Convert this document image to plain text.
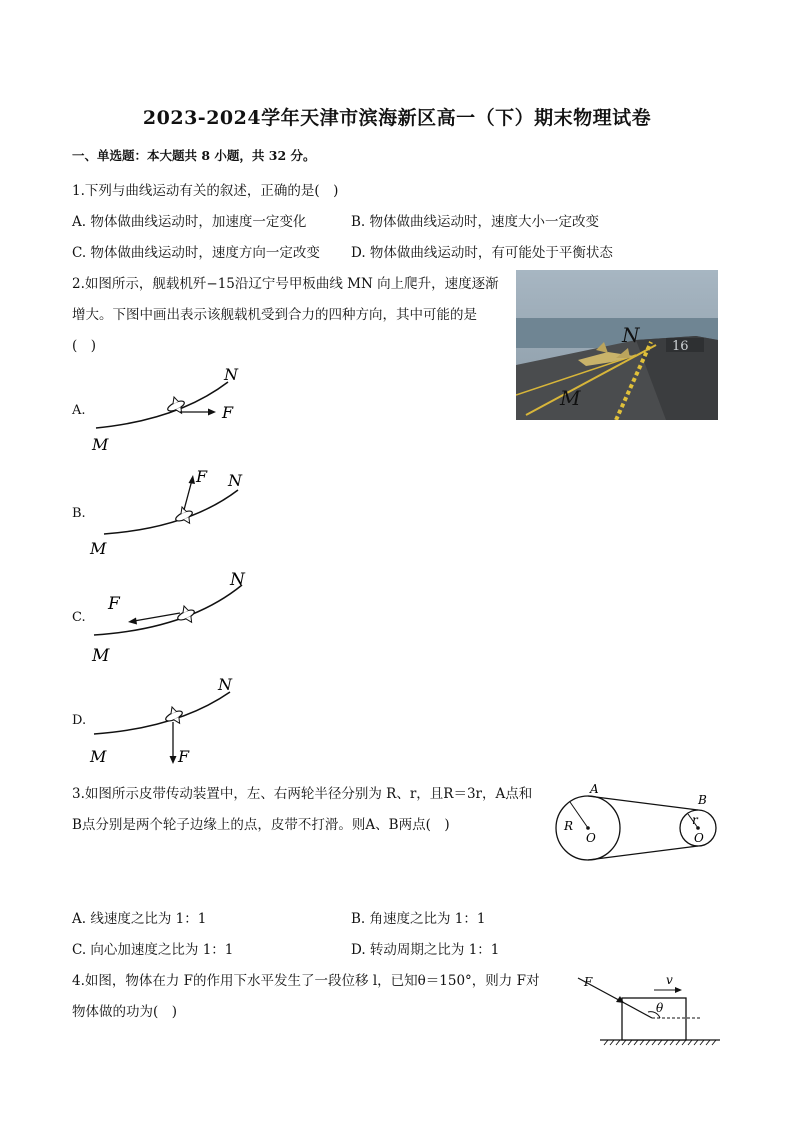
2023-2024学年天津市滨海新区高一（下）期末物理试卷
一、单选题：本大题共 8 小题，共 32 分。
1.下列与曲线运动有关的叙述，正确的是(　)
A. 物体做曲线运动时，加速度一定变化	B. 物体做曲线运动时，速度大小一定改变
C. 物体做曲线运动时，速度方向一定改变 D. 物体做曲线运动时，有可能处于平衡状态
2.如图所示，舰载机歼−15沿辽宁号甲板曲线 MN 向上爬升，速度逐渐
增大。下图中画出表示该舰载机受到合力的四种方向，其中可能的是
(　)	16
N
M
A.	F
N
M
B.
F N
M
C.
F
N
M
D.
F
N
M
3.如图所示皮带传动装置中，左、右两轮半径分别为 R、r，且R＝3r，A点和
B点分别是两个轮子边缘上的点，皮带不打滑。则A、B两点(　)
A
B
R	r
O	O
A. 线速度之比为 1：1	B. 角速度之比为 1：1
C. 向心加速度之比为 1：1	D. 转动周期之比为 1：1
4.如图，物体在力 F的作用下水平发生了一段位移 l，已知θ＝150°，则力 F对
物体做的功为(　)
F	v
θ
